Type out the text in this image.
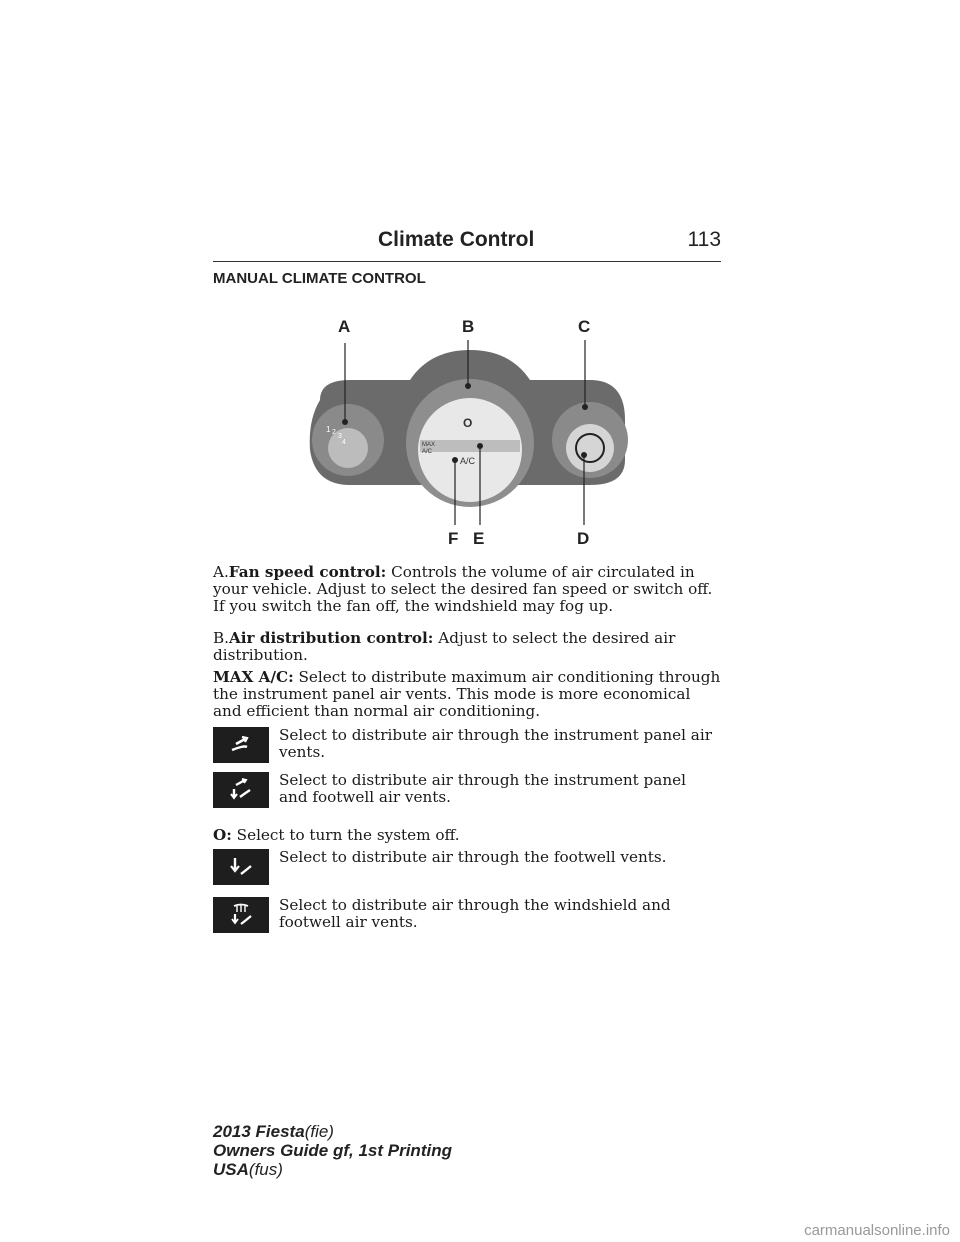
Climate Control	113
MANUAL CLIMATE CONTROL
1 2
3
4
O
MAX
A/C
A/C
A	B	C
D
E
F
A.Fan speed control: Controls the volume of air circulated in your vehicle. Adjust to select the desired fan speed or switch off. If you switch the fan off, the windshield may fog up.
B.Air distribution control: Adjust to select the desired air distribution.
MAX A/C: Select to distribute maximum air conditioning through the instrument panel air vents. This mode is more economical and efficient than normal air conditioning.
Select to distribute air through the instrument panel air vents.
Select to distribute air through the instrument panel and footwell air vents.
O: Select to turn the system off.
Select to distribute air through the footwell vents.
Select to distribute air through the windshield and footwell air vents.
2013 Fiesta(fie)
Owners Guide gf, 1st Printing
USA(fus)
carmanualsonline.info
